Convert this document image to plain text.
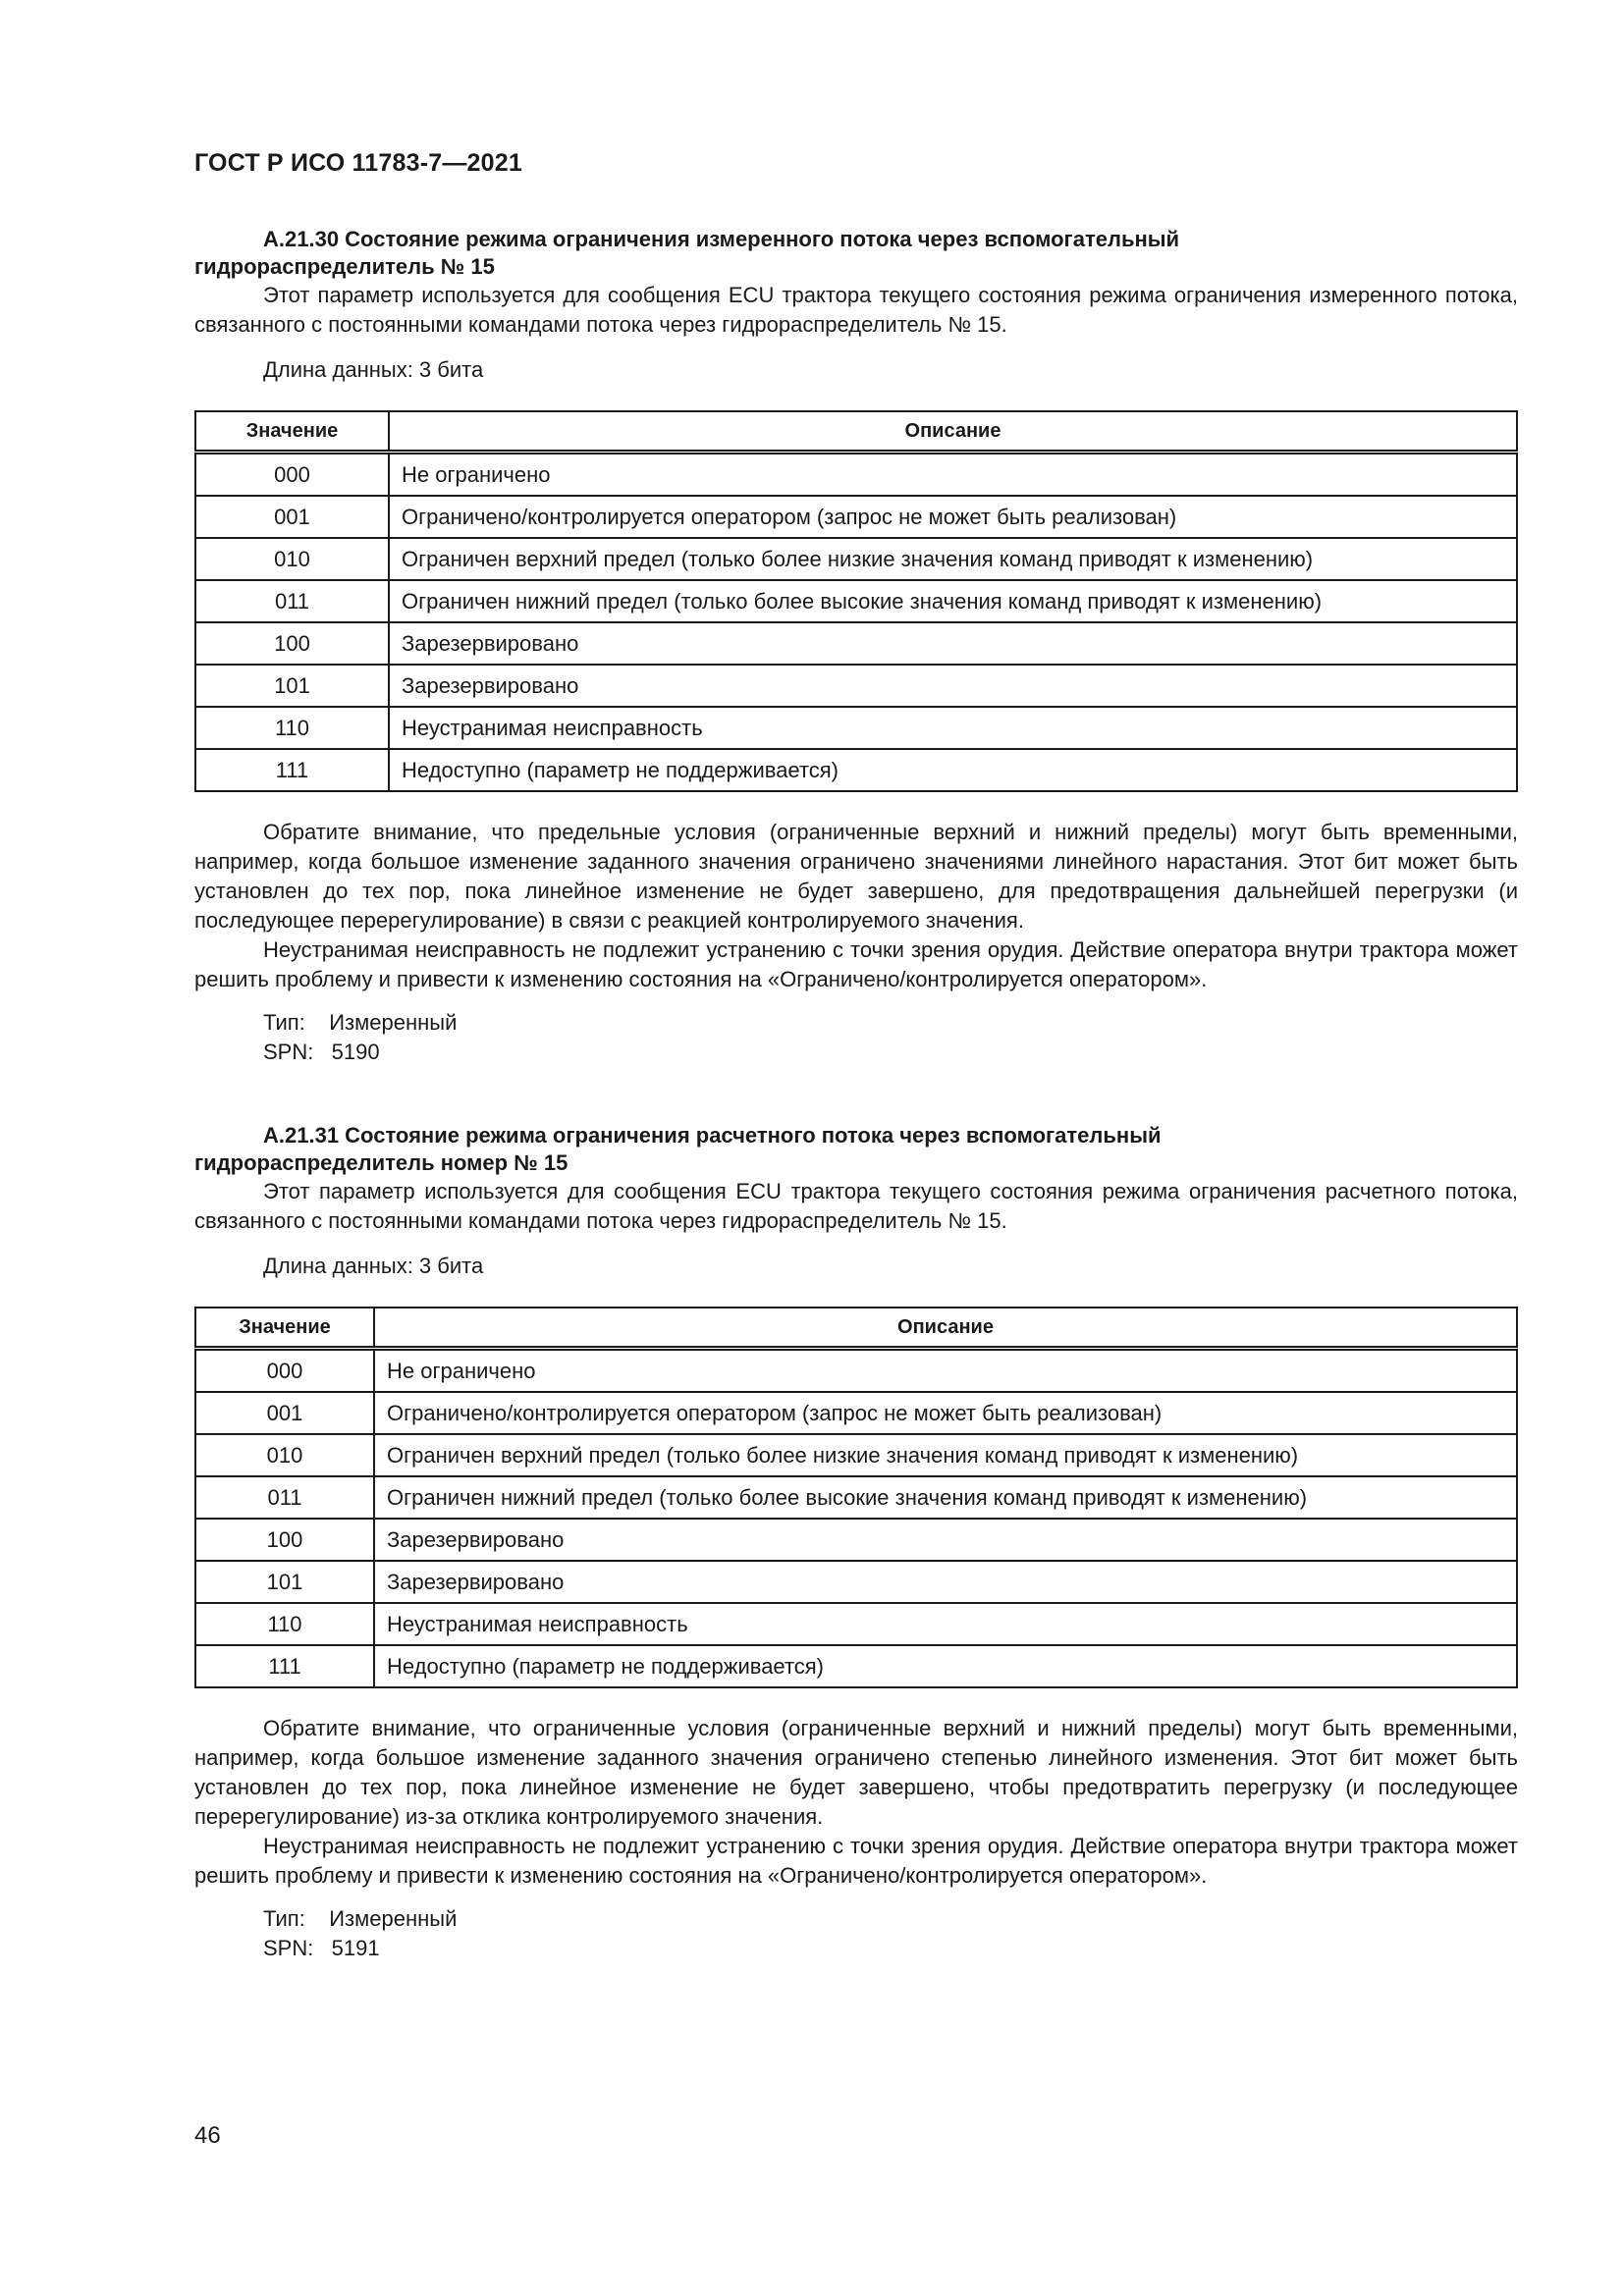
ГОСТ Р ИСО 11783-7—2021

А.21.30 Состояние режима ограничения измеренного потока через вспомогательный
гидрораспределитель № 15

Этот параметр используется для сообщения ECU трактора текущего состояния режима ограничения измеренного потока, связанного с постоянными командами потока через гидрораспределитель № 15.

Длина данных: 3 бита

Значение	Описание
000	Не ограничено
001	Ограничено/контролируется оператором (запрос не может быть реализован)
010	Ограничен верхний предел (только более низкие значения команд приводят к изменению)
011	Ограничен нижний предел (только более высокие значения команд приводят к изменению)
100	Зарезервировано
101	Зарезервировано
110	Неустранимая неисправность
111	Недоступно (параметр не поддерживается)

Обратите внимание, что предельные условия (ограниченные верхний и нижний пределы) могут быть временными, например, когда большое изменение заданного значения ограничено значениями линейного нарастания. Этот бит может быть установлен до тех пор, пока линейное изменение не будет завершено, для предотвращения дальнейшей перегрузки (и последующее перерегулирование) в связи с реакцией контролируемого значения.

Неустранимая неисправность не подлежит устранению с точки зрения орудия. Действие оператора внутри трактора может решить проблему и привести к изменению состояния на «Ограничено/контролируется оператором».

Тип:    Измеренный
SPN:   5190

А.21.31 Состояние режима ограничения расчетного потока через вспомогательный
гидрораспределитель номер № 15

Этот параметр используется для сообщения ECU трактора текущего состояния режима ограничения расчетного потока, связанного с постоянными командами потока через гидрораспределитель № 15.

Длина данных: 3 бита

Значение	Описание
000	Не ограничено
001	Ограничено/контролируется оператором (запрос не может быть реализован)
010	Ограничен верхний предел (только более низкие значения команд приводят к изменению)
011	Ограничен нижний предел (только более высокие значения команд приводят к изменению)
100	Зарезервировано
101	Зарезервировано
110	Неустранимая неисправность
111	Недоступно (параметр не поддерживается)

Обратите внимание, что ограниченные условия (ограниченные верхний и нижний пределы) могут быть временными, например, когда большое изменение заданного значения ограничено степенью линейного изменения. Этот бит может быть установлен до тех пор, пока линейное изменение не будет завершено, чтобы предотвратить перегрузку (и последующее перерегулирование) из-за отклика контролируемого значения.

Неустранимая неисправность не подлежит устранению с точки зрения орудия. Действие оператора внутри трактора может решить проблему и привести к изменению состояния на «Ограничено/контролируется оператором».

Тип:    Измеренный
SPN:   5191
46
